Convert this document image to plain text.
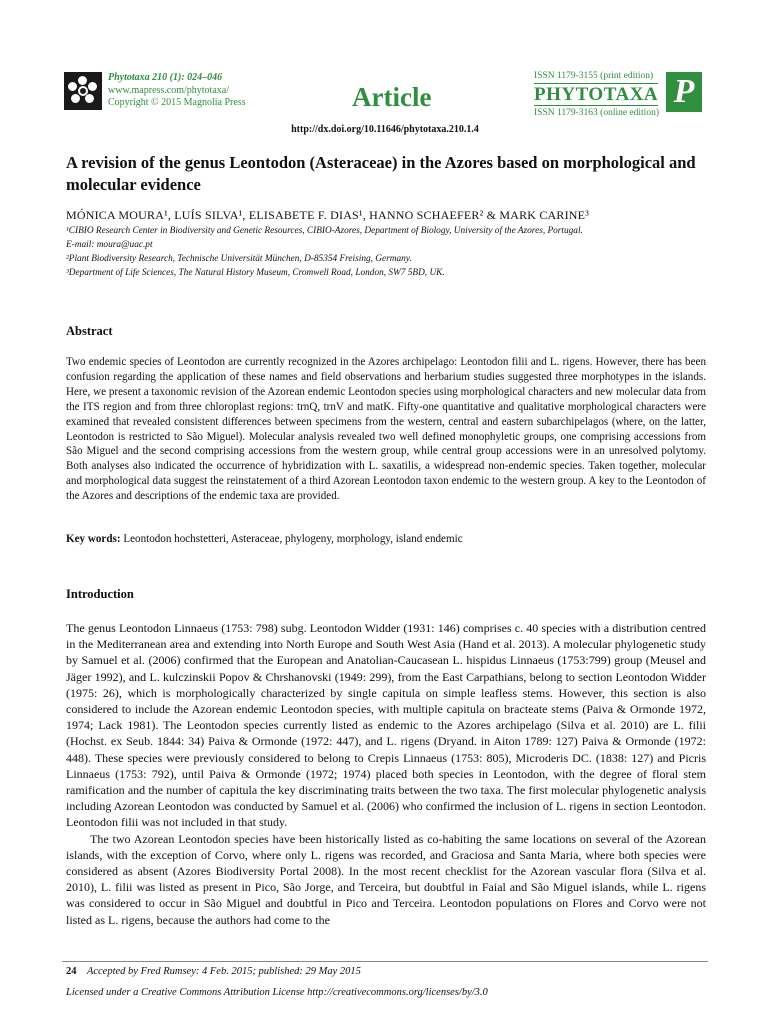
Phytotaxa 210 (1): 024–046
www.mapress.com/phytotaxa/
Copyright © 2015 Magnolia Press	Article
ISSN 1179-3155 (print edition)
PHYTOTAXA
ISSN 1179-3163 (online edition)
P
http://dx.doi.org/10.11646/phytotaxa.210.1.4
A revision of the genus Leontodon (Asteraceae) in the Azores based on morphological and molecular evidence
MÓNICA MOURA¹, LUÍS SILVA¹, ELISABETE F. DIAS¹, HANNO SCHAEFER² & MARK CARINE³
¹CIBIO Research Center in Biodiversity and Genetic Resources, CIBIO-Azores, Department of Biology, University of the Azores, Portugal.
E-mail: moura@uac.pt
²Plant Biodiversity Research, Technische Universität München, D-85354 Freising, Germany.
³Department of Life Sciences, The Natural History Museum, Cromwell Road, London, SW7 5BD, UK.
Abstract
Two endemic species of Leontodon are currently recognized in the Azores archipelago: Leontodon filii and L. rigens. However, there has been confusion regarding the application of these names and field observations and herbarium studies suggested three morphotypes in the islands. Here, we present a taxonomic revision of the Azorean endemic Leontodon species using morphological characters and new molecular data from the ITS region and from three chloroplast regions: trnQ, trnV and matK. Fifty-one quantitative and qualitative morphological characters were examined that revealed consistent differences between specimens from the western, central and eastern subarchipelagos (where, on the latter, Leontodon is restricted to São Miguel). Molecular analysis revealed two well defined monophyletic groups, one comprising accessions from São Miguel and the second comprising accessions from the western group, while central group accessions were in an unresolved polytomy. Both analyses also indicated the occurrence of hybridization with L. saxatilis, a widespread non-endemic species. Taken together, molecular and morphological data suggest the reinstatement of a third Azorean Leontodon taxon endemic to the western group. A key to the Leontodon of the Azores and descriptions of the endemic taxa are provided.
Key words: Leontodon hochstetteri, Asteraceae, phylogeny, morphology, island endemic
Introduction

The genus Leontodon Linnaeus (1753: 798) subg. Leontodon Widder (1931: 146) comprises c. 40 species with a distribution centred in the Mediterranean area and extending into North Europe and South West Asia (Hand et al. 2013). A molecular phylogenetic study by Samuel et al. (2006) confirmed that the European and Anatolian-Caucasean L. hispidus Linnaeus (1753:799) group (Meusel and Jäger 1992), and L. kulczinskii Popov & Chrshanovski (1949: 299), from the East Carpathians, belong to section Leontodon Widder (1975: 26), which is morphologically characterized by single capitula on simple leafless stems. However, this section is also considered to include the Azorean endemic Leontodon species, with multiple capitula on bracteate stems (Paiva & Ormonde 1972, 1974; Lack 1981). The Leontodon species currently listed as endemic to the Azores archipelago (Silva et al. 2010) are L. filii (Hochst. ex Seub. 1844: 34) Paiva & Ormonde (1972: 447), and L. rigens (Dryand. in Aiton 1789: 127) Paiva & Ormonde (1972: 448). These species were previously considered to belong to Crepis Linnaeus (1753: 805), Microderis DC. (1838: 127) and Picris Linnaeus (1753: 792), until Paiva & Ormonde (1972; 1974) placed both species in Leontodon, with the degree of floral stem ramification and the number of capitula the key discriminating traits between the two taxa. The first molecular phylogenetic analysis including Azorean Leontodon was conducted by Samuel et al. (2006) who confirmed the inclusion of L. rigens in section Leontodon. Leontodon filii was not included in that study.

The two Azorean Leontodon species have been historically listed as co-habiting the same locations on several of the Azorean islands, with the exception of Corvo, where only L. rigens was recorded, and Graciosa and Santa Maria, where both species were considered as absent (Azores Biodiversity Portal 2008). In the most recent checklist for the Azorean vascular flora (Silva et al. 2010), L. filii was listed as present in Pico, São Jorge, and Terceira, but doubtful in Faial and São Miguel islands, while L. rigens was considered to occur in São Miguel and doubtful in Pico and Terceira. Leontodon populations on Flores and Corvo were not listed as L. rigens, because the authors had come to the

24 Accepted by Fred Rumsey: 4 Feb. 2015; published: 29 May 2015
Licensed under a Creative Commons Attribution License http://creativecommons.org/licenses/by/3.0
